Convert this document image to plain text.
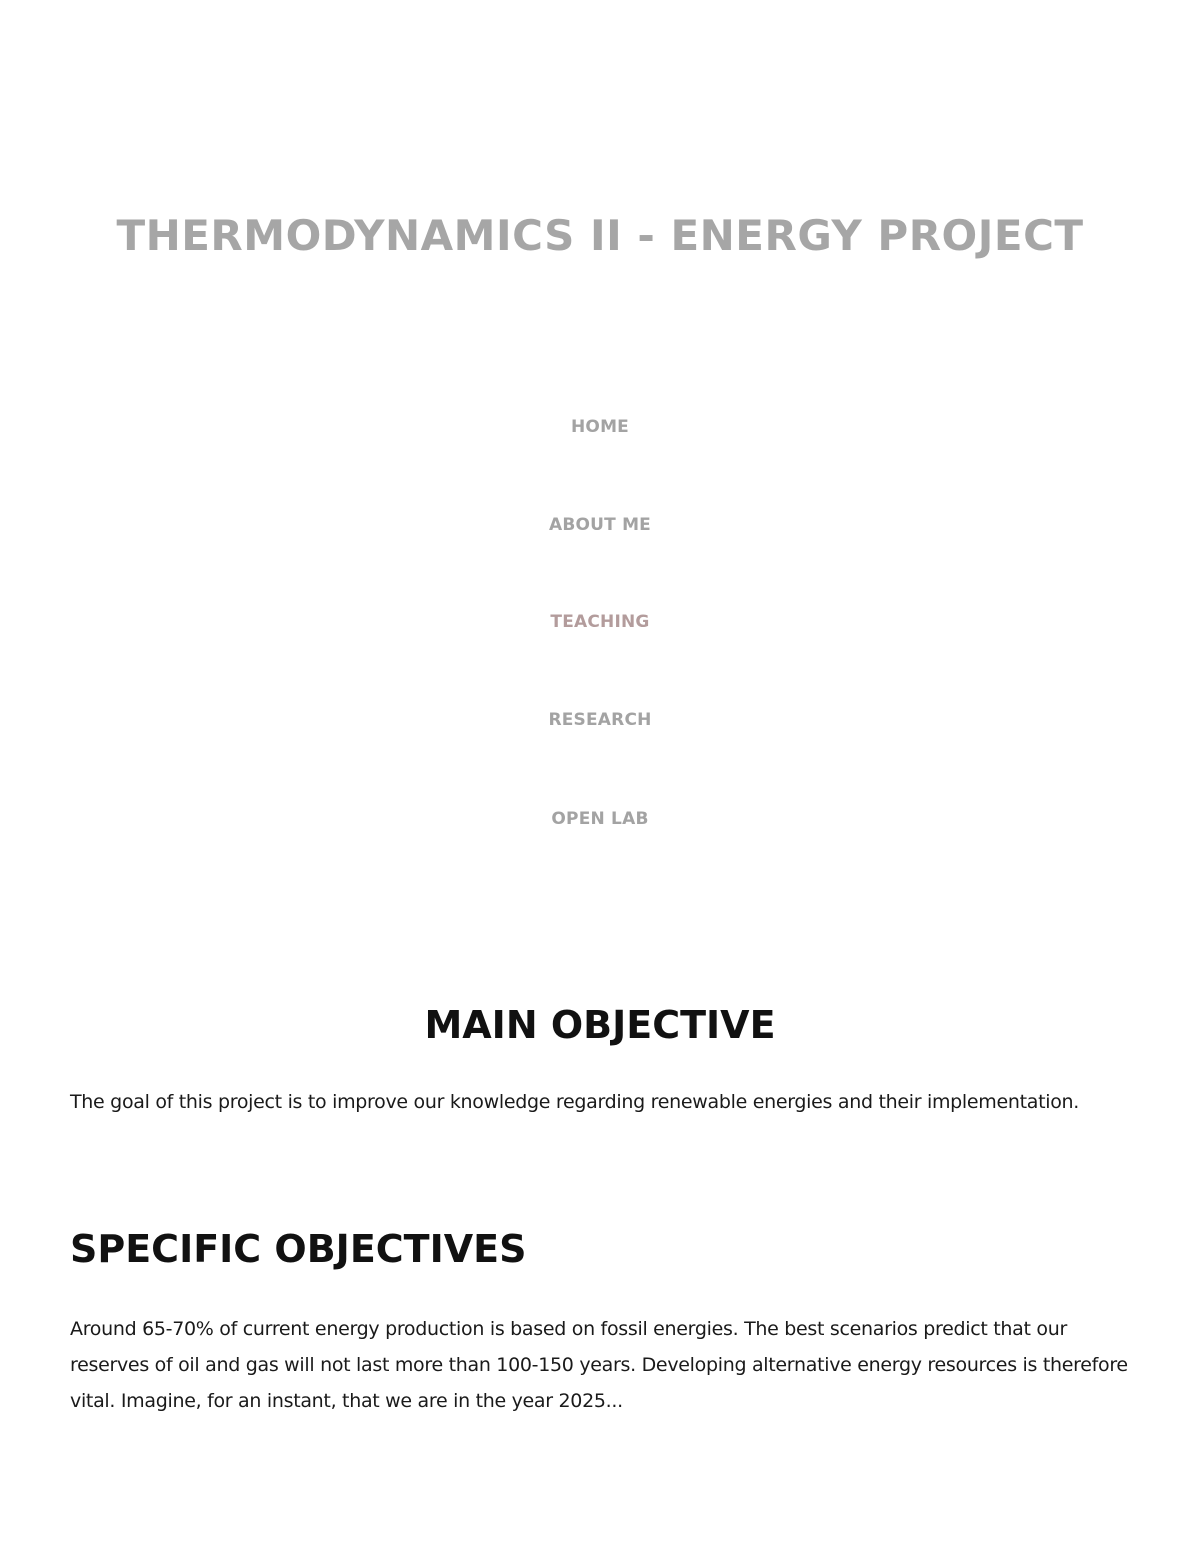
THERMODYNAMICS II - ENERGY PROJECT
HOME
ABOUT ME
TEACHING
RESEARCH
OPEN LAB
MAIN OBJECTIVE

The goal of this project is to improve our knowledge regarding renewable energies and their implementation.

SPECIFIC OBJECTIVES

Around 65-70% of current energy production is based on fossil energies. The best scenarios predict that our reserves of oil and gas will not last more than 100-150 years. Developing alternative energy resources is therefore vital. Imagine, for an instant, that we are in the year 2025...
